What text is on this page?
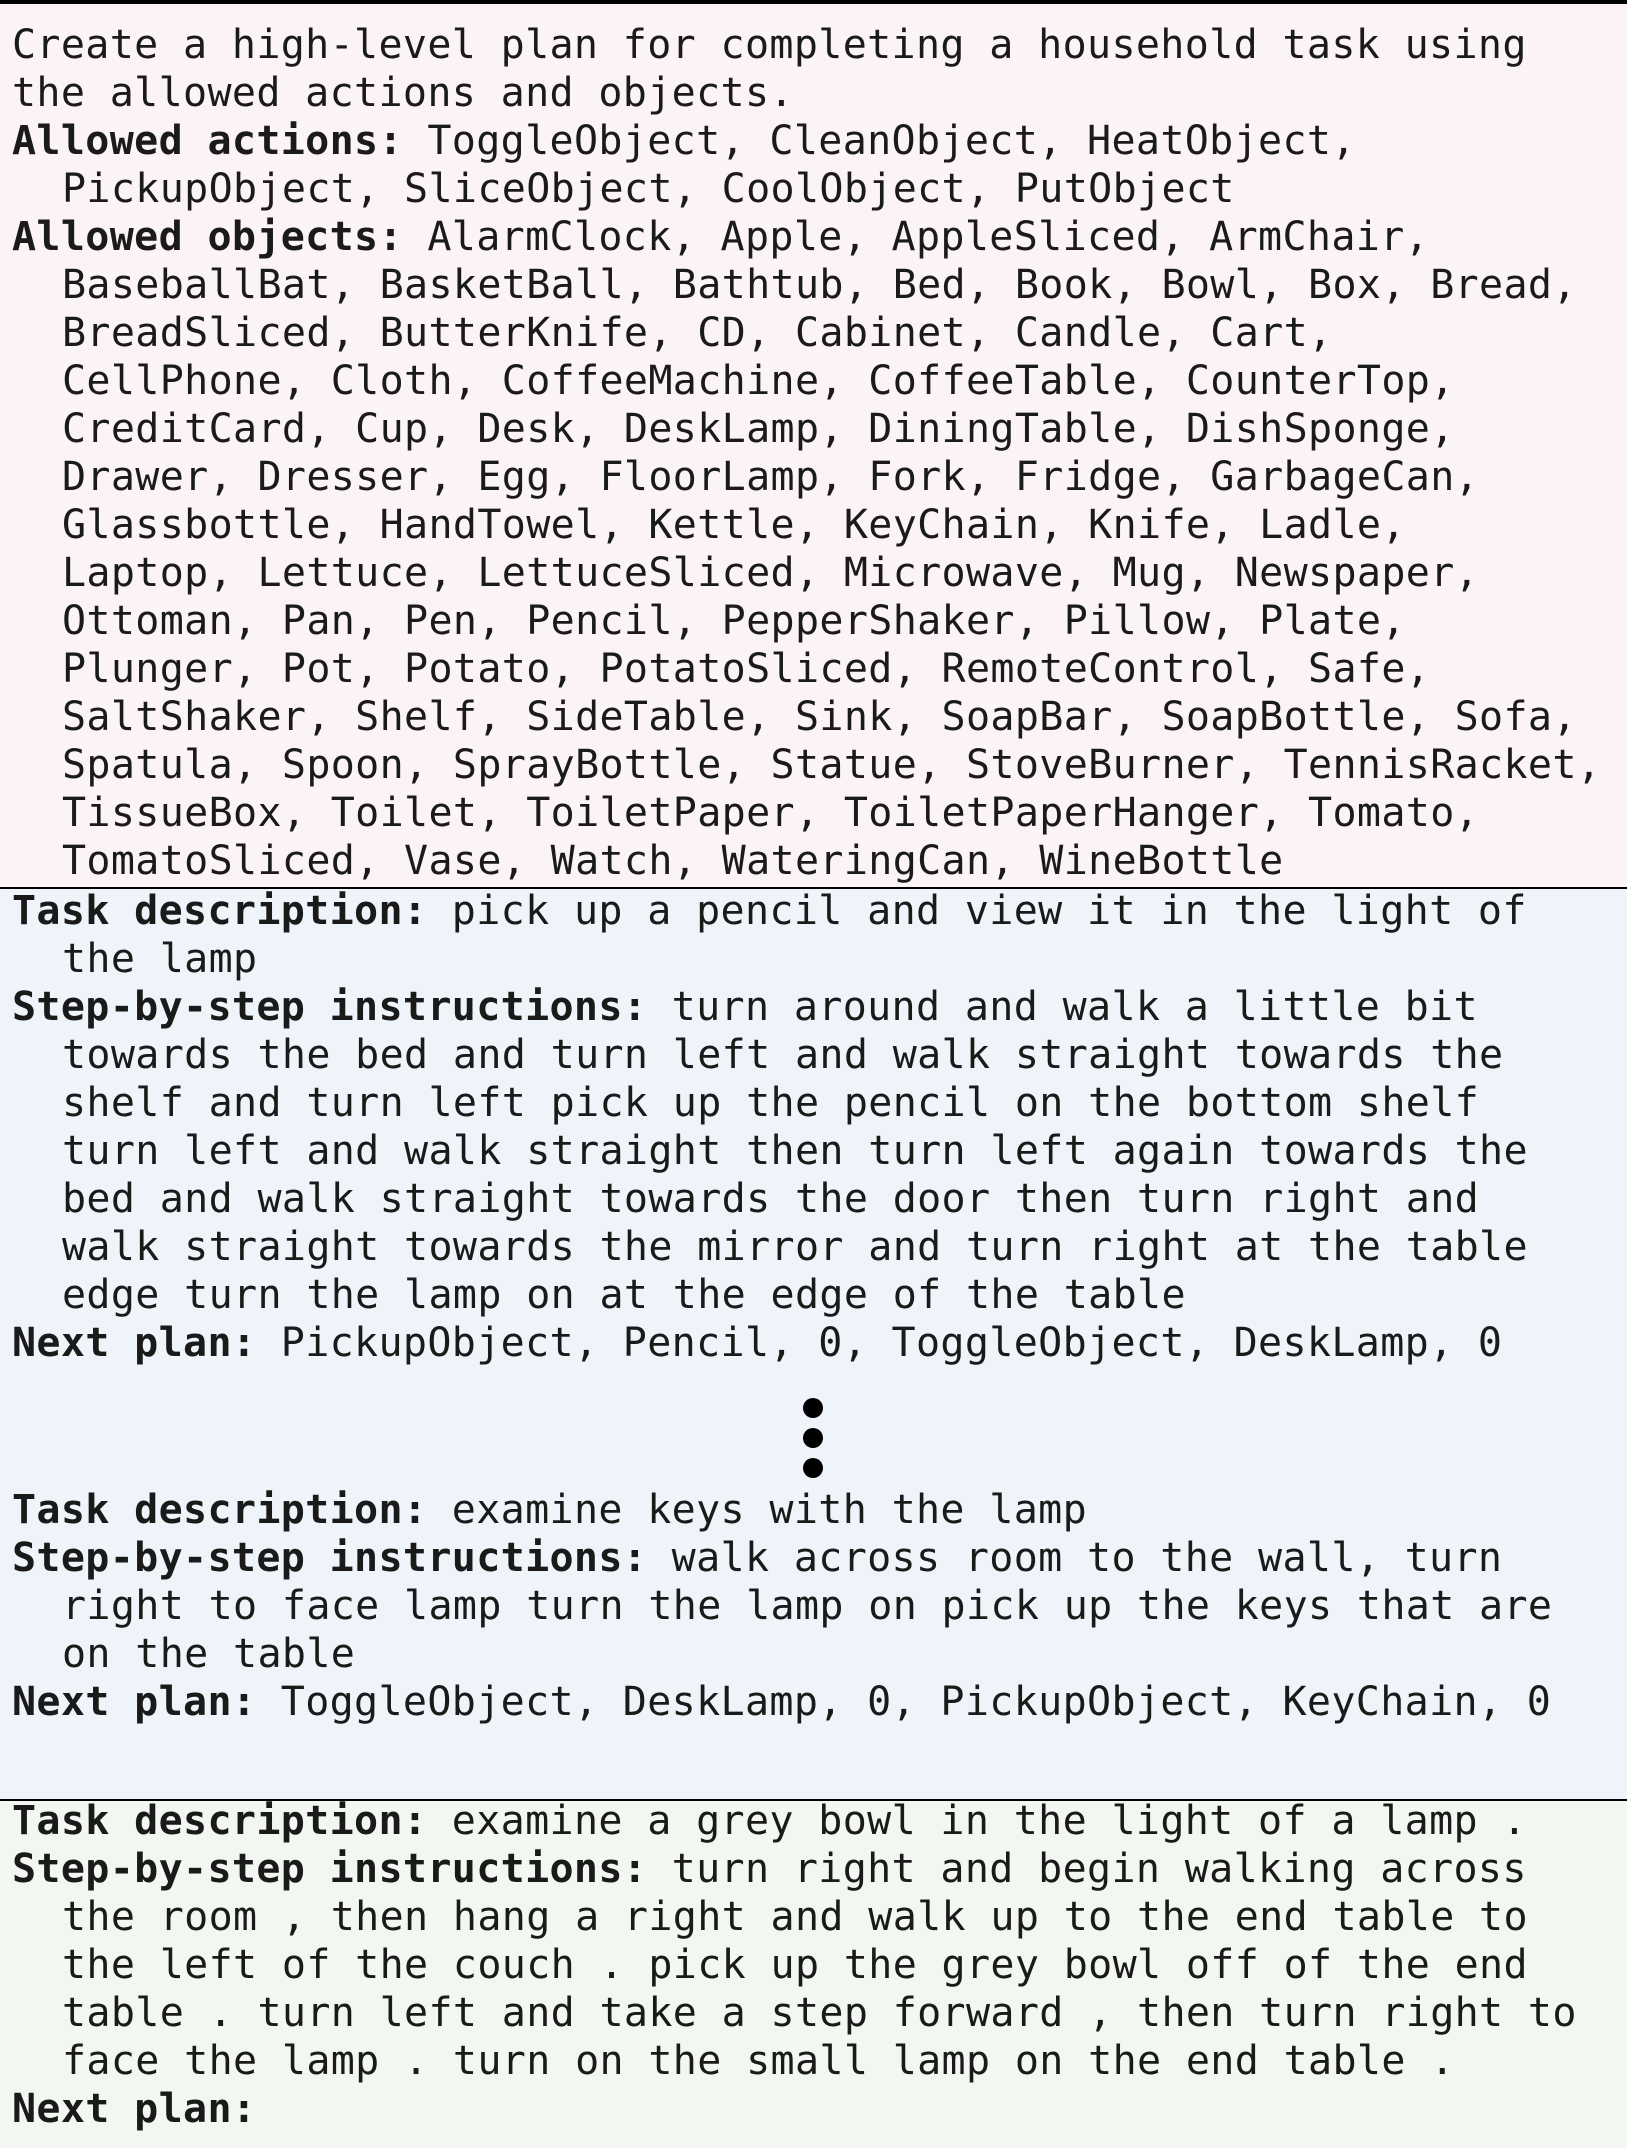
Create a high-level plan for completing a household task using
the allowed actions and objects.
Allowed actions: ToggleObject, CleanObject, HeatObject,
PickupObject, SliceObject, CoolObject, PutObject
Allowed objects: AlarmClock, Apple, AppleSliced, ArmChair,
BaseballBat, BasketBall, Bathtub, Bed, Book, Bowl, Box, Bread,
BreadSliced, ButterKnife, CD, Cabinet, Candle, Cart,
CellPhone, Cloth, CoffeeMachine, CoffeeTable, CounterTop,
CreditCard, Cup, Desk, DeskLamp, DiningTable, DishSponge,
Drawer, Dresser, Egg, FloorLamp, Fork, Fridge, GarbageCan,
Glassbottle, HandTowel, Kettle, KeyChain, Knife, Ladle,
Laptop, Lettuce, LettuceSliced, Microwave, Mug, Newspaper,
Ottoman, Pan, Pen, Pencil, PepperShaker, Pillow, Plate,
Plunger, Pot, Potato, PotatoSliced, RemoteControl, Safe,
SaltShaker, Shelf, SideTable, Sink, SoapBar, SoapBottle, Sofa,
Spatula, Spoon, SprayBottle, Statue, StoveBurner, TennisRacket,
TissueBox, Toilet, ToiletPaper, ToiletPaperHanger, Tomato,
TomatoSliced, Vase, Watch, WateringCan, WineBottle
Task description: pick up a pencil and view it in the light of
the lamp
Step-by-step instructions: turn around and walk a little bit
towards the bed and turn left and walk straight towards the
shelf and turn left pick up the pencil on the bottom shelf
turn left and walk straight then turn left again towards the
bed and walk straight towards the door then turn right and
walk straight towards the mirror and turn right at the table
edge turn the lamp on at the edge of the table
Next plan: PickupObject, Pencil, 0, ToggleObject, DeskLamp, 0
Task description: examine keys with the lamp
Step-by-step instructions: walk across room to the wall, turn
right to face lamp turn the lamp on pick up the keys that are
on the table
Next plan: ToggleObject, DeskLamp, 0, PickupObject, KeyChain, 0
Task description: examine a grey bowl in the light of a lamp .
Step-by-step instructions: turn right and begin walking across
the room , then hang a right and walk up to the end table to
the left of the couch . pick up the grey bowl off of the end
table . turn left and take a step forward , then turn right to
face the lamp . turn on the small lamp on the end table .
Next plan:
